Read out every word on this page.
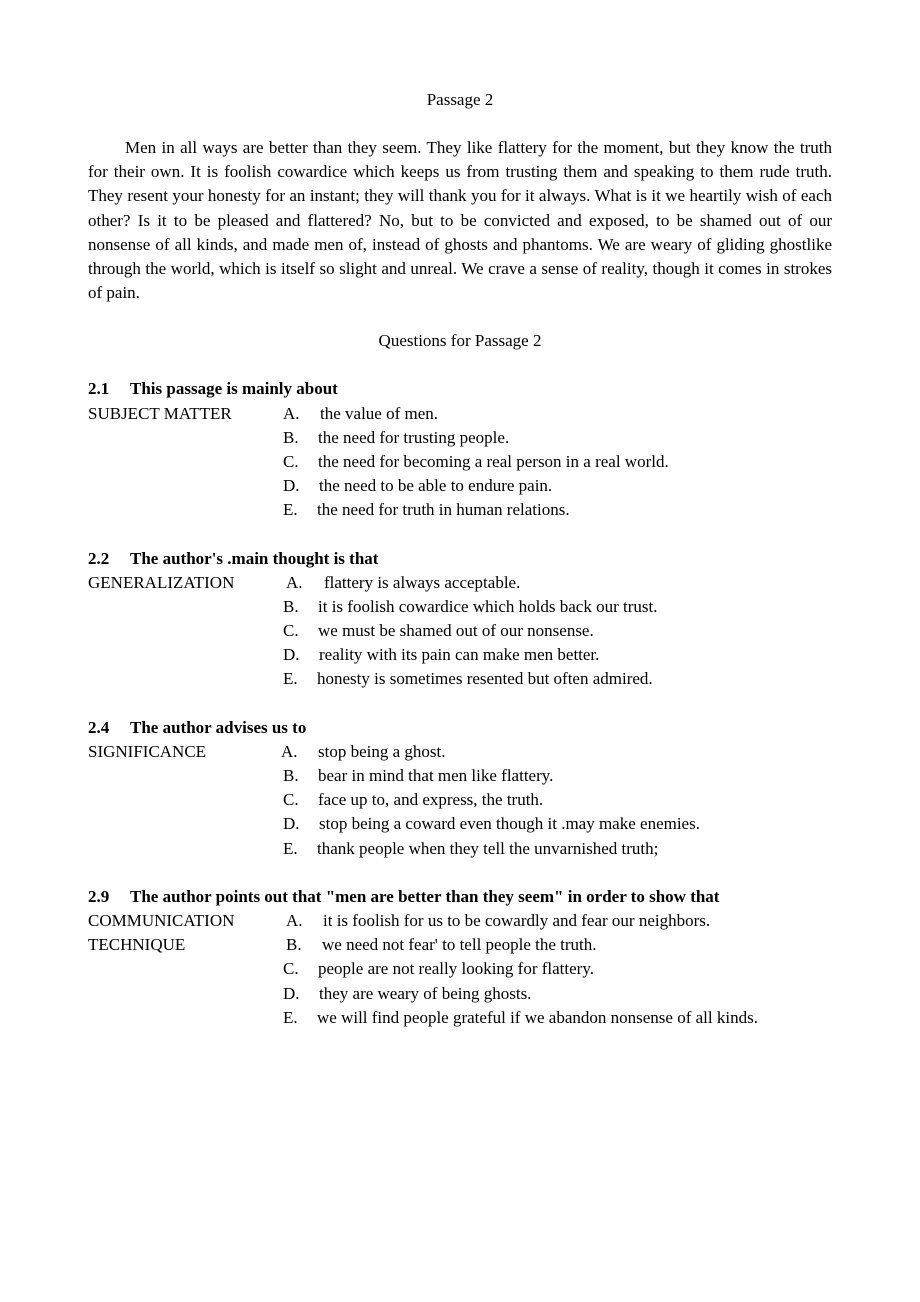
Passage 2

Men in all ways are better than they seem. They like flattery for the moment, but they know the truth for their own. It is foolish cowardice which keeps us from trusting them and speaking to them rude truth. They resent your honesty for an instant; they will thank you for it always. What is it we heartily wish of each other? Is it to be pleased and flattered? No, but to be convicted and exposed, to be shamed out of our nonsense of all kinds, and made men of, instead of ghosts and phantoms. We are weary of gliding ghostlike through the world, which is itself so slight and unreal. We crave a sense of reality, though it comes in strokes of pain.

Questions for Passage 2
2.1 This passage is mainly about
SUBJECT MATTER	A. the value of men.
B. the need for trusting people.
C. the need for becoming a real person in a real world.
D. the need to be able to endure pain.
E. the need for truth in human relations.
2.2 The author's .main thought is that
GENERALIZATION	A. flattery is always acceptable.
B. it is foolish cowardice which holds back our trust.
C. we must be shamed out of our nonsense.
D. reality with its pain can make men better.
E. honesty is sometimes resented but often admired.
2.4 The author advises us to
SIGNIFICANCE	A. stop being a ghost.
B. bear in mind that men like flattery.
C. face up to, and express, the truth.
D. stop being a coward even though it .may make enemies.
E. thank people when they tell the unvarnished truth;
2.9 The author points out that "men are better than they seem" in order to show that
COMMUNICATION	A. it is foolish for us to be cowardly and fear our neighbors.
TECHNIQUE	B. we need not fear' to tell people the truth.
C. people are not really looking for flattery.
D. they are weary of being ghosts.
E. we will find people grateful if we abandon nonsense of all kinds.
